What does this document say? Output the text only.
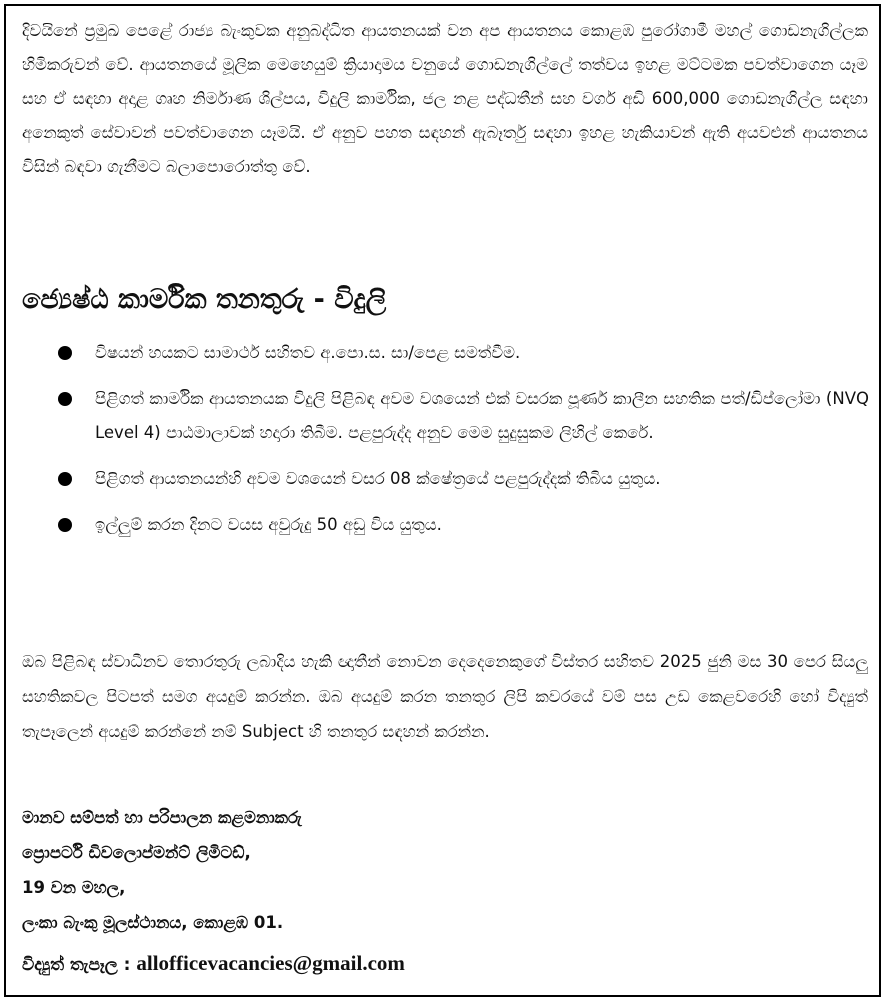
දිවයිනේ ප්‍රමුඛ පෙළේ රාජ්‍ය බැංකුවක අනුබද්ධිත ආයතනයක් වන අප ආයතනය කොළඹ පුරෝගාමී මහල් ගොඩනැගිල්ලක හිමිකරුවන් වේ. ආයතනයේ මූලික මෙහෙයුම් ක්‍රියාදාමය වනුයේ ගොඩනැගිල්ලේ තත්වය ඉහළ මට්ටමක පවත්වාගෙන යෑම සහ ඒ සඳහා අදාළ ගෘහ නිර්මාණ ශිල්පය, විදුලි කාර්මික, ජල නළ පද්ධතීන් සහ වර්ග අඩි 600,000 ගොඩනැගිල්ල සඳහා අනෙකුත් සේවාවන් පවත්වාගෙන යෑමයි. ඒ අනුව පහත සඳහන් ඇබෑර්තු සඳහා ඉහළ හැකියාවන් ඇති අයවළුන් ආයතනය විසින් බඳවා ගැනීමට බලාපොරොත්තු වේ.

ජ්‍යෙෂ්ඨ කාර්මික තනතුරු - විදුලි
විෂයන් හයකට සාමාර්ථ සහිතව අ.පො.ස. සා/පෙළ සමත්වීම.
පිළිගත් කාර්මික ආයතනයක විදුලි පිළිබඳ අවම වශයෙන් එක් වසරක පූර්ණ කාලීන සහතික පත්/ඩිප්ලෝමා (NVQ Level 4) පාඨමාලාවක් හදාරා තිබීම. පළපුරුද්ද අනුව මෙම සුදුසුකම ලිහිල් කෙරේ.
පිළිගත් ආයතනයන්හි අවම වශයෙන් වසර 08 ක්ෂේත්‍රයේ පළපුරුද්දක් තිබිය යුතුය.
ඉල්ලුම් කරන දිනට වයස අවුරුදු 50 අඩු විය යුතුය.

ඔබ පිළිබඳ ස්වාධීනව තොරතුරු ලබාදිය හැකි ඥාතීන් නොවන දෙදෙනෙකුගේ විස්තර සහිතව 2025 ජුනි මස 30 පෙර සියලු සහතිකවල පිටපත් සමග අයදුම් කරන්න. ඔබ අයදුම් කරන තනතුර ලිපි කවරයේ වම් පස උඩ කෙළවරෙහි හෝ විද්‍යුත් තැපෑලෙන් අයදුම් කරන්නේ නම් Subject හි තනතුර සඳහන් කරන්න.

මානව සම්පත් හා පරිපාලන කළමනාකරු
ප්‍රොපර්ටි ඩිවලොප්මන්ට් ලිමිටඩ්,
19 වන මහල,
ලංකා බැංකු මූලස්ථානය, කොළඹ 01.
විද්‍යුත් තැපෑල : allofficevacancies@gmail.com
